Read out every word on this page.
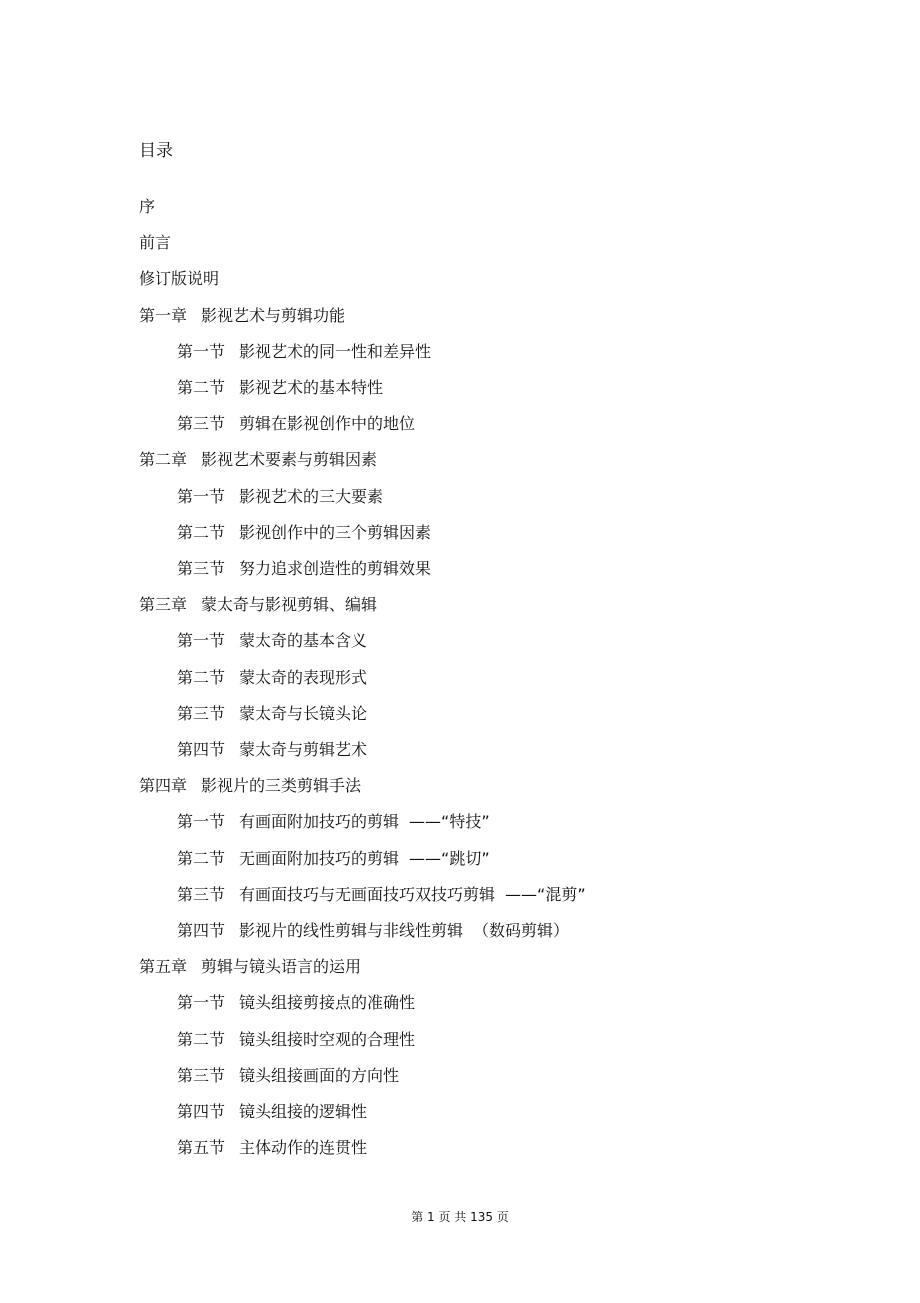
目录
序
前言
修订版说明
第一章 影视艺术与剪辑功能
第一节 影视艺术的同一性和差异性
第二节 影视艺术的基本特性
第三节 剪辑在影视创作中的地位
第二章 影视艺术要素与剪辑因素
第一节 影视艺术的三大要素
第二节 影视创作中的三个剪辑因素
第三节 努力追求创造性的剪辑效果
第三章 蒙太奇与影视剪辑、编辑
第一节 蒙太奇的基本含义
第二节 蒙太奇的表现形式
第三节 蒙太奇与长镜头论
第四节 蒙太奇与剪辑艺术
第四章 影视片的三类剪辑手法
第一节 有画面附加技巧的剪辑 ——“特技”
第二节 无画面附加技巧的剪辑 ——“跳切”
第三节 有画面技巧与无画面技巧双技巧剪辑 ——“混剪”
第四节 影视片的线性剪辑与非线性剪辑 （数码剪辑）
第五章 剪辑与镜头语言的运用
第一节 镜头组接剪接点的准确性
第二节 镜头组接时空观的合理性
第三节 镜头组接画面的方向性
第四节 镜头组接的逻辑性
第五节 主体动作的连贯性
第 1 页 共 135 页
